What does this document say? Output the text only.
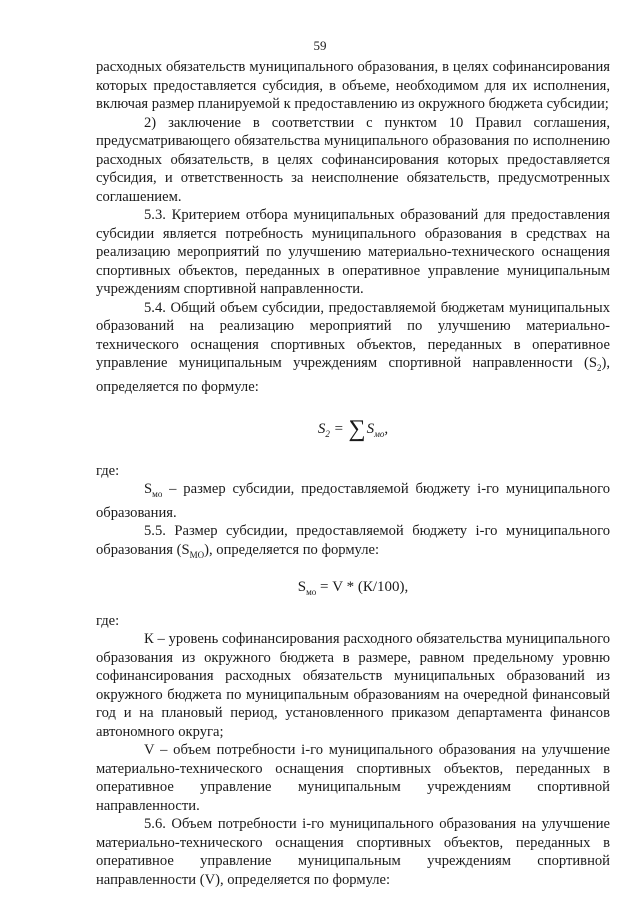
59

расходных обязательств муниципального образования, в целях софинансирования которых предоставляется субсидия, в объеме, необходимом для их исполнения, включая размер планируемой к предоставлению из окружного бюджета субсидии;

2) заключение в соответствии с пунктом 10 Правил соглашения, предусматривающего обязательства муниципального образования по исполнению расходных обязательств, в целях софинансирования которых предоставляется субсидия, и ответственность за неисполнение обязательств, предусмотренных соглашением.

5.3. Критерием отбора муниципальных образований для предоставления субсидии является потребность муниципального образования в средствах на реализацию мероприятий по улучшению материально-технического оснащения спортивных объектов, переданных в оперативное управление муниципальным учреждениям спортивной направленности.

5.4. Общий объем субсидии, предоставляемой бюджетам муниципальных образований на реализацию мероприятий по улучшению материально-технического оснащения спортивных объектов, переданных в оперативное управление муниципальным учреждениям спортивной направленности $(S_2)$, определяется по формуле:

$S_2 = \sum S_{мо}$,

где:

$S_{мо}$ – размер субсидии, предоставляемой бюджету i-го муниципального образования.

5.5. Размер субсидии, предоставляемой бюджету i-го муниципального образования $(S_{МО})$, определяется по формуле:

$S_{мо} = V * (К/100)$,

где:

К – уровень софинансирования расходного обязательства муниципального образования из окружного бюджета в размере, равном предельному уровню софинансирования расходных обязательств муниципальных образований из окружного бюджета по муниципальным образованиям на очередной финансовый год и на плановый период, установленного приказом департамента финансов автономного округа;

V – объем потребности i-го муниципального образования на улучшение материально-технического оснащения спортивных объектов, переданных в оперативное управление муниципальным учреждениям спортивной направленности.

5.6. Объем потребности i-го муниципального образования на улучшение материально-технического оснащения спортивных объектов, переданных в оперативное управление муниципальным учреждениям спортивной направленности (V), определяется по формуле:
